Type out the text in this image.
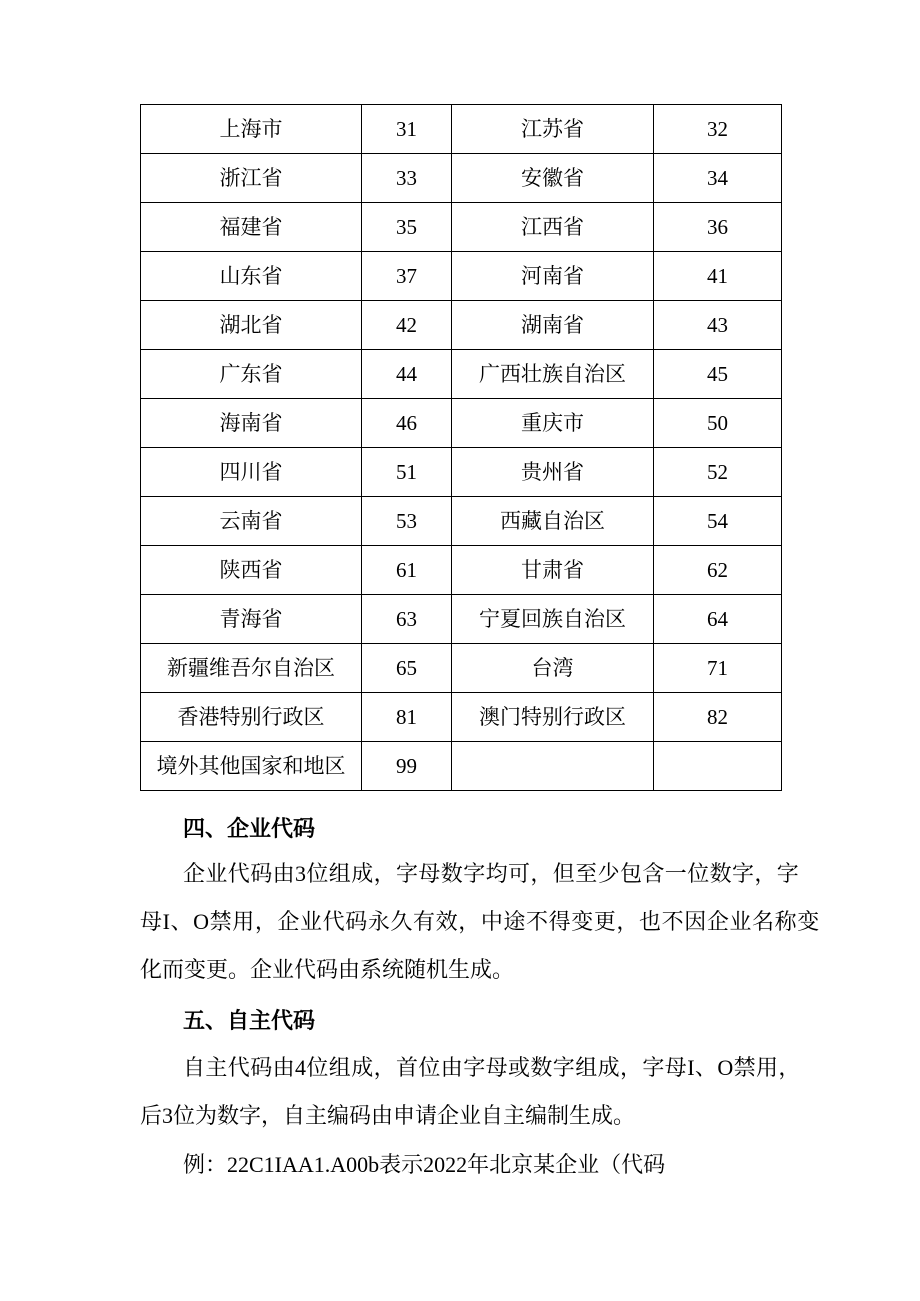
上海市	31	江苏省	32
浙江省	33	安徽省	34
福建省	35	江西省	36
山东省	37	河南省	41
湖北省	42	湖南省	43
广东省	44	广西壮族自治区	45
海南省	46	重庆市	50
四川省	51	贵州省	52
云南省	53	西藏自治区	54
陕西省	61	甘肃省	62
青海省	63	宁夏回族自治区	64
新疆维吾尔自治区	65	台湾	71
香港特别行政区	81	澳门特别行政区	82
境外其他国家和地区	99		
四、企业代码
企业代码由3位组成，字母数字均可，但至少包含一位数字，字
母I、O禁用，企业代码永久有效，中途不得变更，也不因企业名称变
化而变更。企业代码由系统随机生成。
五、自主代码
自主代码由4位组成，首位由字母或数字组成，字母I、O禁用，
后3位为数字，自主编码由申请企业自主编制生成。
例：22C1IAA1.A00b表示2022年北京某企业（代码
